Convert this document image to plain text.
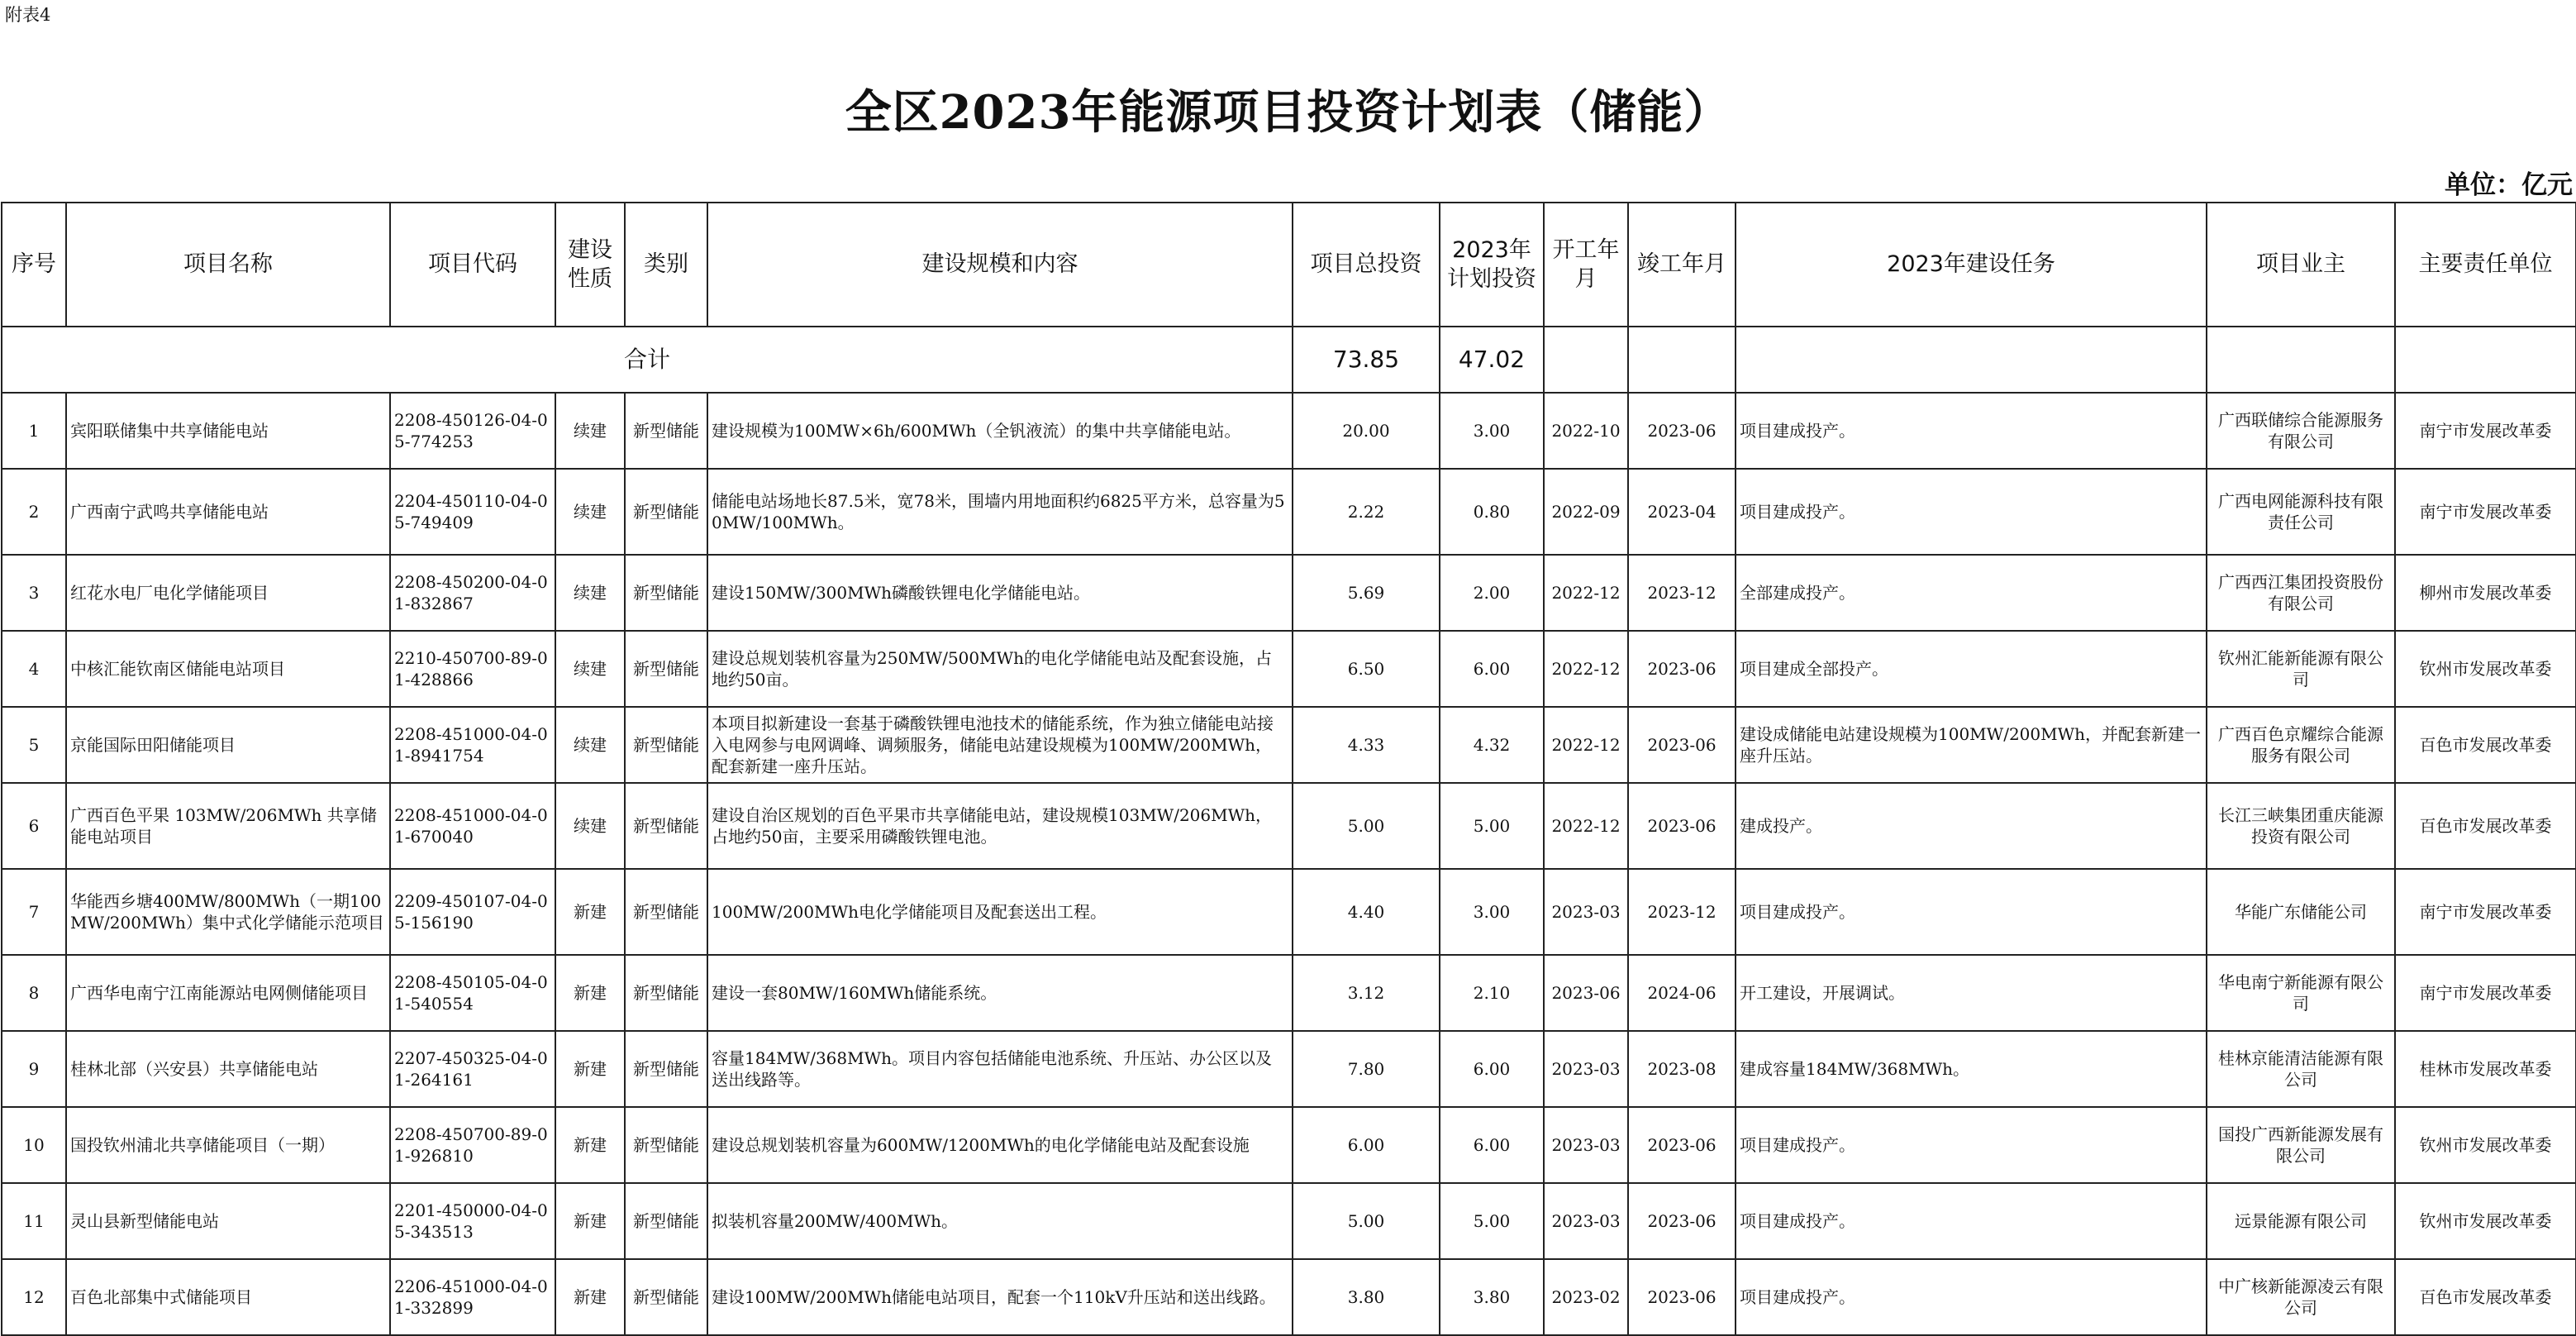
附表4
全区2023年能源项目投资计划表（储能）
单位：亿元
序号	项目名称	项目代码	建设性质	类别	建设规模和内容	项目总投资	2023年计划投资	开工年月	竣工年月	2023年建设任务	项目业主	主要责任单位
合计						73.85	47.02					
1	宾阳联储集中共享储能电站	2208-450126-04-05-774253	续建	新型储能	建设规模为100MW×6h/600MWh（全钒液流）的集中共享储能电站。	20.00	3.00	2022-10	2023-06	项目建成投产。	广西联储综合能源服务有限公司	南宁市发展改革委
2	广西南宁武鸣共享储能电站	2204-450110-04-05-749409	续建	新型储能	储能电站场地长87.5米，宽78米，围墙内用地面积约6825平方米，总容量为50MW/100MWh。	2.22	0.80	2022-09	2023-04	项目建成投产。	广西电网能源科技有限责任公司	南宁市发展改革委
3	红花水电厂电化学储能项目	2208-450200-04-01-832867	续建	新型储能	建设150MW/300MWh磷酸铁锂电化学储能电站。	5.69	2.00	2022-12	2023-12	全部建成投产。	广西西江集团投资股份有限公司	柳州市发展改革委
4	中核汇能钦南区储能电站项目	2210-450700-89-01-428866	续建	新型储能	建设总规划装机容量为250MW/500MWh的电化学储能电站及配套设施，占地约50亩。	6.50	6.00	2022-12	2023-06	项目建成全部投产。	钦州汇能新能源有限公司	钦州市发展改革委
5	京能国际田阳储能项目	2208-451000-04-01-8941754	续建	新型储能	本项目拟新建设一套基于磷酸铁锂电池技术的储能系统，作为独立储能电站接入电网参与电网调峰、调频服务，储能电站建设规模为100MW/200MWh，配套新建一座升压站。	4.33	4.32	2022-12	2023-06	建设成储能电站建设规模为100MW/200MWh，并配套新建一座升压站。	广西百色京耀综合能源服务有限公司	百色市发展改革委
6	广西百色平果 103MW/206MWh 共享储能电站项目	2208-451000-04-01-670040	续建	新型储能	建设自治区规划的百色平果市共享储能电站，建设规模103MW/206MWh，占地约50亩，主要采用磷酸铁锂电池。	5.00	5.00	2022-12	2023-06	建成投产。	长江三峡集团重庆能源投资有限公司	百色市发展改革委
7	华能西乡塘400MW/800MWh（一期100MW/200MWh）集中式化学储能示范项目	2209-450107-04-05-156190	新建	新型储能	100MW/200MWh电化学储能项目及配套送出工程。	4.40	3.00	2023-03	2023-12	项目建成投产。	华能广东储能公司	南宁市发展改革委
8	广西华电南宁江南能源站电网侧储能项目	2208-450105-04-01-540554	新建	新型储能	建设一套80MW/160MWh储能系统。	3.12	2.10	2023-06	2024-06	开工建设，开展调试。	华电南宁新能源有限公司	南宁市发展改革委
9	桂林北部（兴安县）共享储能电站	2207-450325-04-01-264161	新建	新型储能	容量184MW/368MWh。项目内容包括储能电池系统、升压站、办公区以及送出线路等。	7.80	6.00	2023-03	2023-08	建成容量184MW/368MWh。	桂林京能清洁能源有限公司	桂林市发展改革委
10	国投钦州浦北共享储能项目（一期）	2208-450700-89-01-926810	新建	新型储能	建设总规划装机容量为600MW/1200MWh的电化学储能电站及配套设施	6.00	6.00	2023-03	2023-06	项目建成投产。	国投广西新能源发展有限公司	钦州市发展改革委
11	灵山县新型储能电站	2201-450000-04-05-343513	新建	新型储能	拟装机容量200MW/400MWh。	5.00	5.00	2023-03	2023-06	项目建成投产。	远景能源有限公司	钦州市发展改革委
12	百色北部集中式储能项目	2206-451000-04-01-332899	新建	新型储能	建设100MW/200MWh储能电站项目，配套一个110kV升压站和送出线路。	3.80	3.80	2023-02	2023-06	项目建成投产。	中广核新能源凌云有限公司	百色市发展改革委
